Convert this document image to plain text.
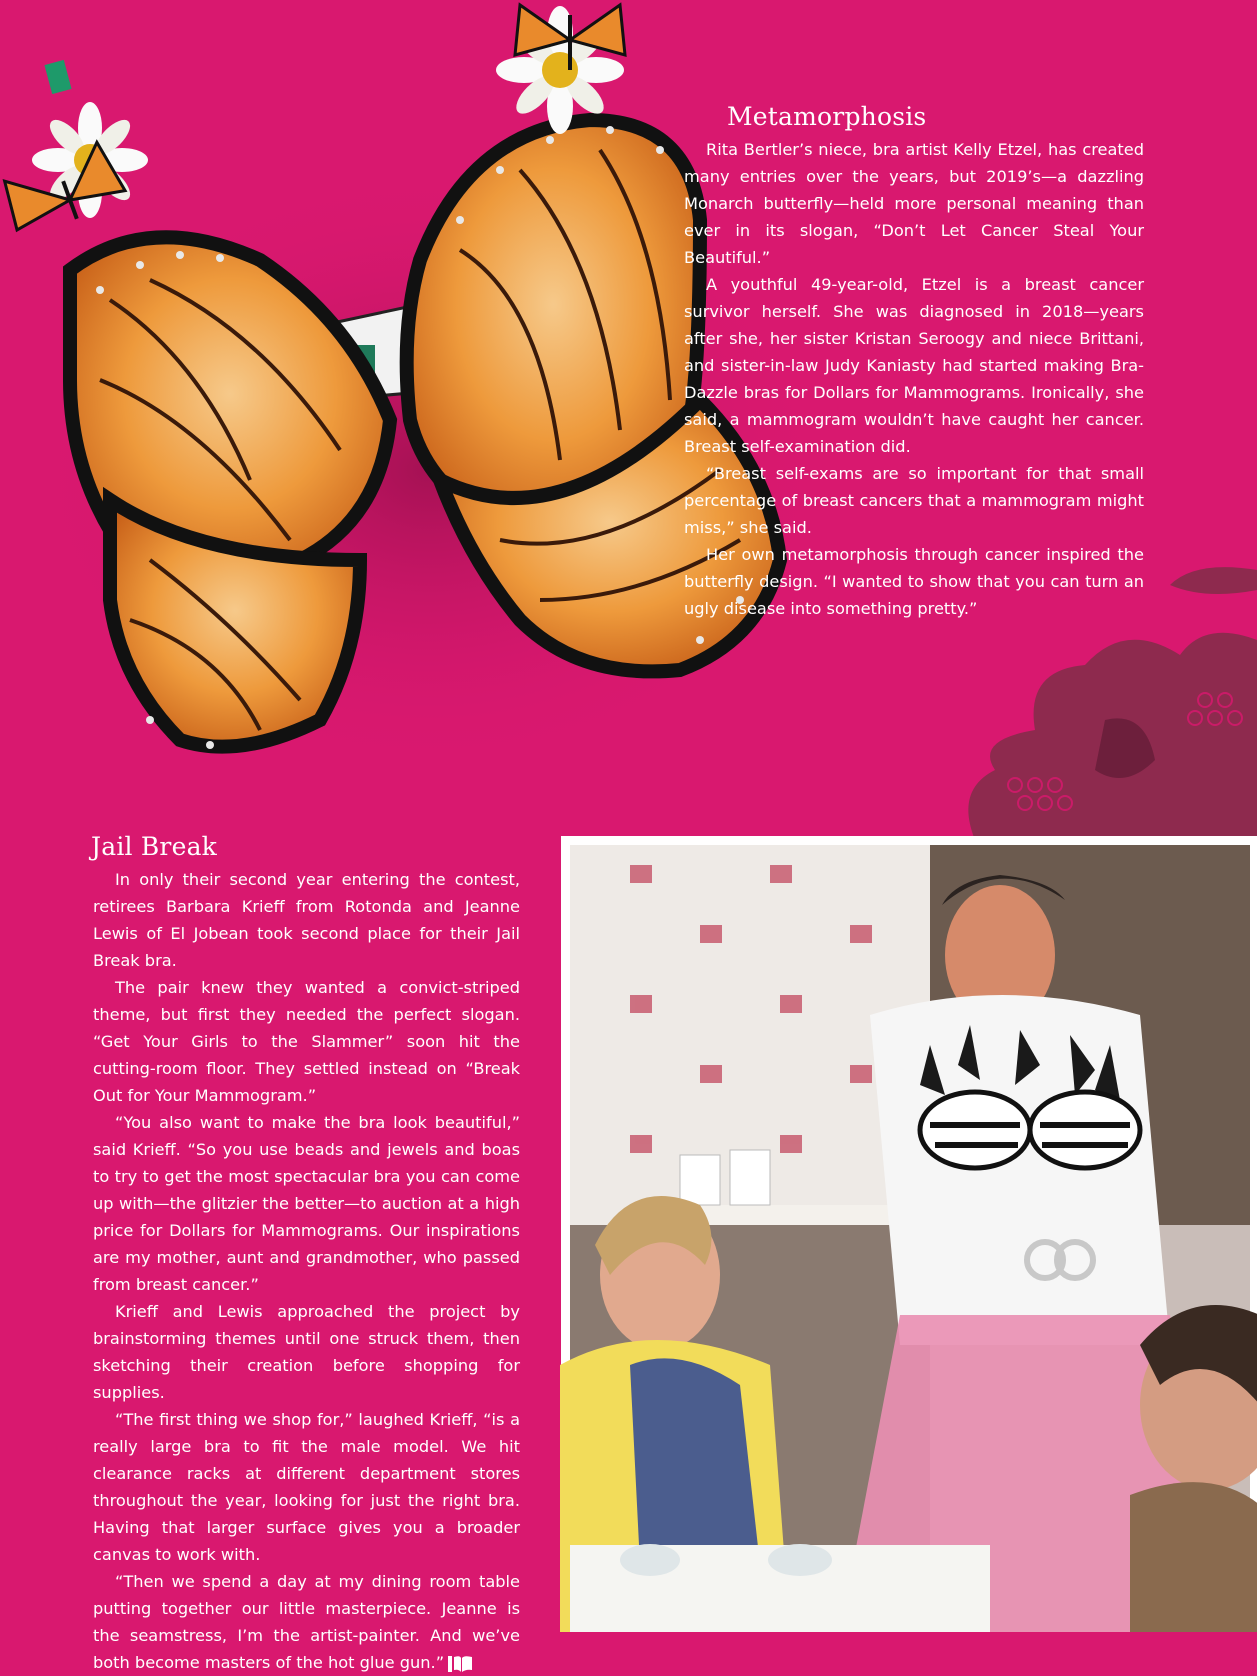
Metamorphosis

Rita Bertler’s niece, bra artist Kelly Etzel, has created many entries over the years, but 2019’s—a dazzling Monarch butterfly—held more personal meaning than ever in its slogan, “Don’t Let Cancer Steal Your Beautiful.”

A youthful 49-year-old, Etzel is a breast cancer survivor herself. She was diagnosed in 2018—years after she, her sister Kristan Seroogy and niece Brittani, and sister-in-law Judy Kaniasty had started making Bra-Dazzle bras for Dollars for Mammograms. Ironically, she said, a mammogram wouldn’t have caught her cancer. Breast self-examination did.

“Breast self-exams are so important for that small percentage of breast cancers that a mammogram might miss,” she said.

Her own metamorphosis through cancer inspired the butterfly design. “I wanted to show that you can turn an ugly disease into something pretty.”

Jail Break

In only their second year entering the contest, retirees Barbara Krieff from Rotonda and Jeanne Lewis of El Jobean took second place for their Jail Break bra.

The pair knew they wanted a convict-striped theme, but first they needed the perfect slogan. “Get Your Girls to the Slammer” soon hit the cutting-room floor. They settled instead on “Break Out for Your Mammogram.”

“You also want to make the bra look beautiful,” said Krieff. “So you use beads and jewels and boas to try to get the most spectacular bra you can come up with—the glitzier the better—to auction at a high price for Dollars for Mammograms. Our inspirations are my mother, aunt and grandmother, who passed from breast cancer.”

Krieff and Lewis approached the project by brainstorming themes until one struck them, then sketching their creation before shopping for supplies.

“The first thing we shop for,” laughed Krieff, “is a really large bra to fit the male model. We hit clearance racks at different department stores throughout the year, looking for just the right bra. Having that larger surface gives you a broader canvas to work with.

“Then we spend a day at my dining room table putting together our little masterpiece. Jeanne is the seamstress, I’m the artist-painter. And we’ve both become masters of the hot glue gun.”
